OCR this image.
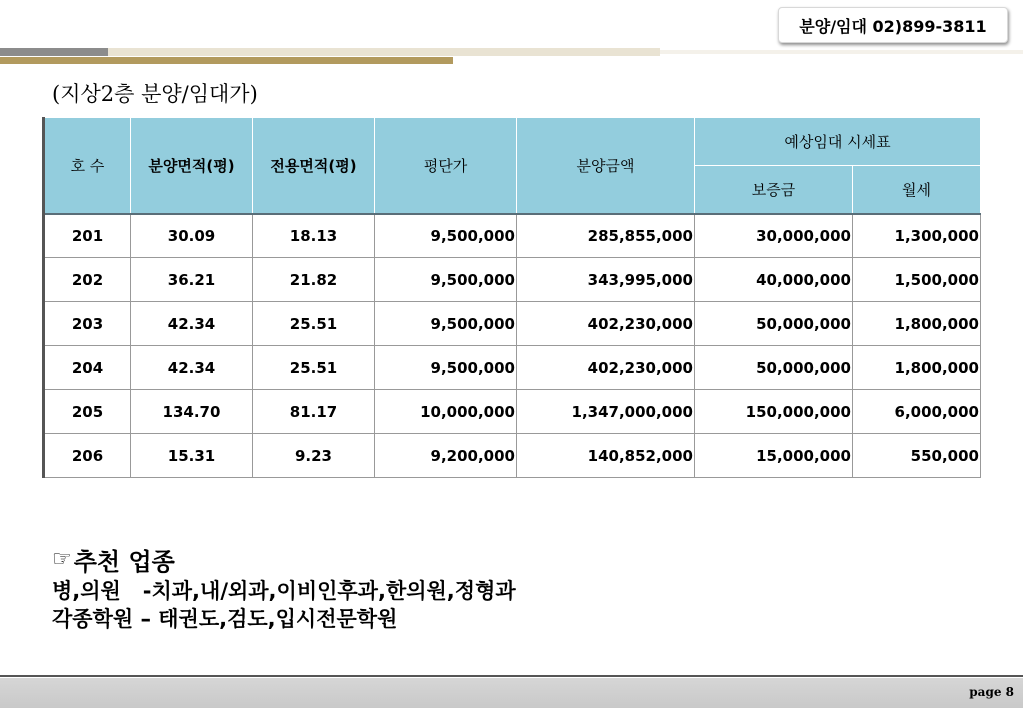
분양/임대 02)899-3811
(지상2층 분양/임대가)
호 수	분양면적(평)	전용면적(평)	평단가	분양금액	예상임대 시세표	
					보증금	월세
201	30.09	18.13	9,500,000	285,855,000	30,000,000	1,300,000
202	36.21	21.82	9,500,000	343,995,000	40,000,000	1,500,000
203	42.34	25.51	9,500,000	402,230,000	50,000,000	1,800,000
204	42.34	25.51	9,500,000	402,230,000	50,000,000	1,800,000
205	134.70	81.17	10,000,000	1,347,000,000	150,000,000	6,000,000
206	15.31	9.23	9,200,000	140,852,000	15,000,000	550,000
☞ 추천 업종
병,의원   -치과,내/외과,이비인후과,한의원,정형과
각종학원 – 태권도,검도,입시전문학원
page 8
